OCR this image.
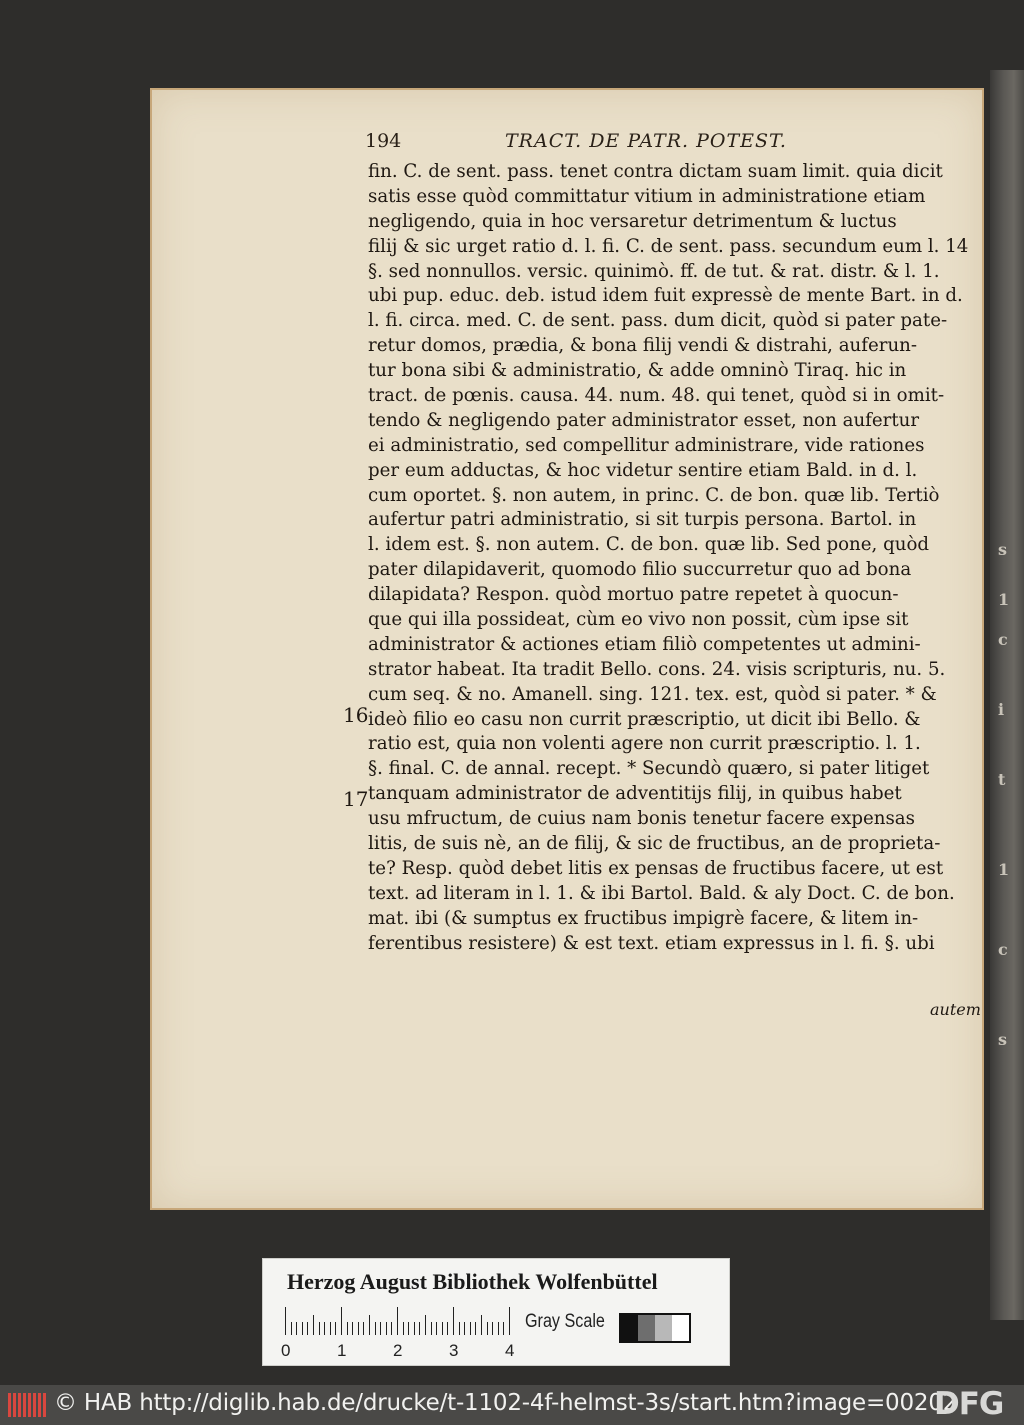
s
1
c
i
t
1
c
s
194	TRACT. DE PATR. POTEST.
16
17
fin. C. de sent. pass. tenet contra dictam suam limit. quia dicit
satis esse quòd committatur vitium in administratione etiam
negligendo, quia in hoc versaretur detrimentum & luctus
filij & sic urget ratio d. l. fi. C. de sent. pass. secundum eum l. 14
§. sed nonnullos. versic. quinimò. ff. de tut. & rat. distr. & l. 1.
ubi pup. educ. deb. istud idem fuit expressè de mente Bart. in d.
l. fi. circa. med. C. de sent. pass. dum dicit, quòd si pater pate-
retur domos, prædia, & bona filij vendi & distrahi, auferun-
tur bona sibi & administratio, & adde omninò Tiraq. hic in
tract. de pœnis. causa. 44. num. 48. qui tenet, quòd si in omit-
tendo & negligendo pater administrator esset, non aufertur
ei administratio, sed compellitur administrare, vide rationes
per eum adductas, & hoc videtur sentire etiam Bald. in d. l.
cum oportet. §. non autem, in princ. C. de bon. quæ lib. Tertiò
aufertur patri administratio, si sit turpis persona. Bartol. in
l. idem est. §. non autem. C. de bon. quæ lib. Sed pone, quòd
pater dilapidaverit, quomodo filio succurretur quo ad bona
dilapidata? Respon. quòd mortuo patre repetet à quocun-
que qui illa possideat, cùm eo vivo non possit, cùm ipse sit
administrator & actiones etiam filiò competentes ut admini-
strator habeat. Ita tradit Bello. cons. 24. visis scripturis, nu. 5.
cum seq. & no. Amanell. sing. 121. tex. est, quòd si pater. * &
ideò filio eo casu non currit præscriptio, ut dicit ibi Bello. &
ratio est, quia non volenti agere non currit præscriptio. l. 1.
§. final. C. de annal. recept. * Secundò quæro, si pater litiget
tanquam administrator de adventitijs filij, in quibus habet
usu mfructum, de cuius nam bonis tenetur facere expensas
litis, de suis nè, an de filij, & sic de fructibus, an de proprieta-
te? Resp. quòd debet litis ex pensas de fructibus facere, ut est
text. ad literam in l. 1. & ibi Bartol. Bald. & aly Doct. C. de bon.
mat. ibi (& sumptus ex fructibus impigrè facere, & litem in-
ferentibus resistere) & est text. etiam expressus in l. fi. §. ubi
autem
Herzog August Bibliothek Wolfenbüttel
0	1	2	3	4
Gray Scale
© HAB http://diglib.hab.de/drucke/t-1102-4f-helmst-3s/start.htm?image=00202
DFG
